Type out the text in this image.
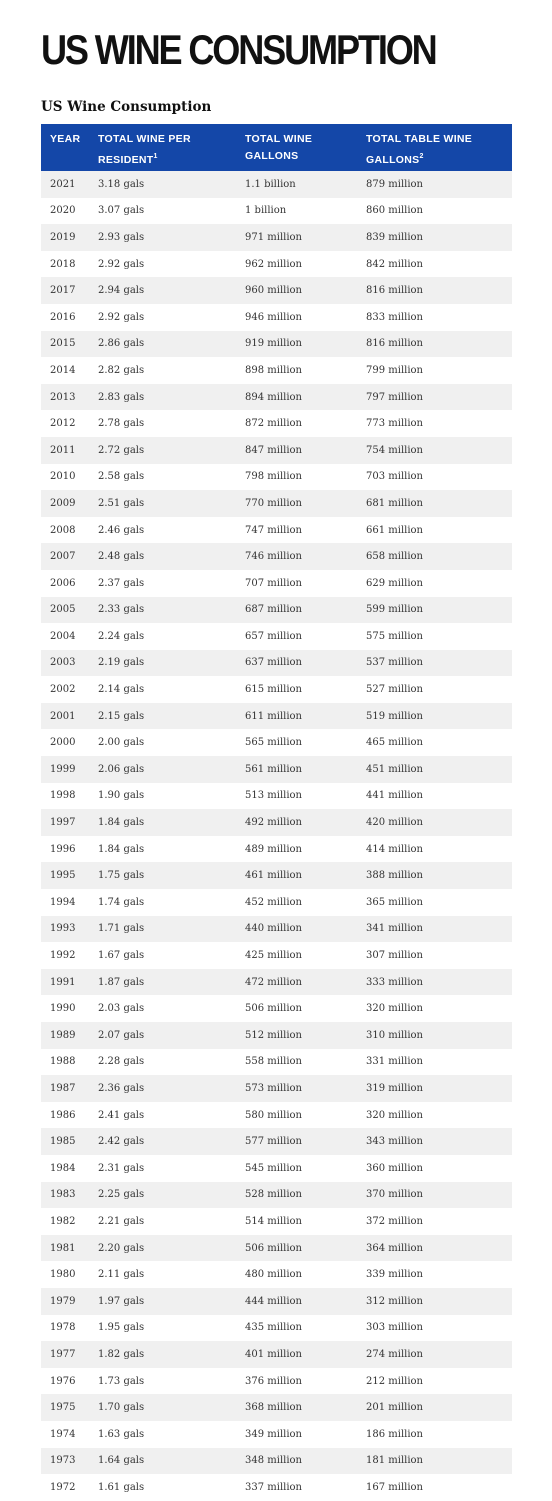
US WINE CONSUMPTION
US Wine Consumption
YEAR	TOTAL WINE PER RESIDENT$^1$	TOTAL WINE GALLONS	TOTAL TABLE WINE GALLONS$^2$
2021	3.18 gals	1.1 billion	879 million
2020	3.07 gals	1 billion	860 million
2019	2.93 gals	971 million	839 million
2018	2.92 gals	962 million	842 million
2017	2.94 gals	960 million	816 million
2016	2.92 gals	946 million	833 million
2015	2.86 gals	919 million	816 million
2014	2.82 gals	898 million	799 million
2013	2.83 gals	894 million	797 million
2012	2.78 gals	872 million	773 million
2011	2.72 gals	847 million	754 million
2010	2.58 gals	798 million	703 million
2009	2.51 gals	770 million	681 million
2008	2.46 gals	747 million	661 million
2007	2.48 gals	746 million	658 million
2006	2.37 gals	707 million	629 million
2005	2.33 gals	687 million	599 million
2004	2.24 gals	657 million	575 million
2003	2.19 gals	637 million	537 million
2002	2.14 gals	615 million	527 million
2001	2.15 gals	611 million	519 million
2000	2.00 gals	565 million	465 million
1999	2.06 gals	561 million	451 million
1998	1.90 gals	513 million	441 million
1997	1.84 gals	492 million	420 million
1996	1.84 gals	489 million	414 million
1995	1.75 gals	461 million	388 million
1994	1.74 gals	452 million	365 million
1993	1.71 gals	440 million	341 million
1992	1.67 gals	425 million	307 million
1991	1.87 gals	472 million	333 million
1990	2.03 gals	506 million	320 million
1989	2.07 gals	512 million	310 million
1988	2.28 gals	558 million	331 million
1987	2.36 gals	573 million	319 million
1986	2.41 gals	580 million	320 million
1985	2.42 gals	577 million	343 million
1984	2.31 gals	545 million	360 million
1983	2.25 gals	528 million	370 million
1982	2.21 gals	514 million	372 million
1981	2.20 gals	506 million	364 million
1980	2.11 gals	480 million	339 million
1979	1.97 gals	444 million	312 million
1978	1.95 gals	435 million	303 million
1977	1.82 gals	401 million	274 million
1976	1.73 gals	376 million	212 million
1975	1.70 gals	368 million	201 million
1974	1.63 gals	349 million	186 million
1973	1.64 gals	348 million	181 million
1972	1.61 gals	337 million	167 million
